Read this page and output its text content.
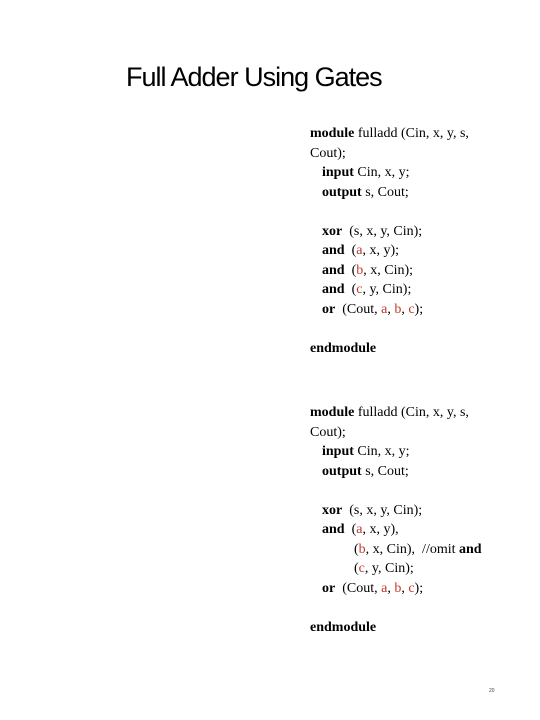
Full Adder Using Gates
module fulladd (Cin, x, y, s,
Cout);
input Cin, x, y;
output s, Cout;
xor  (s, x, y, Cin);
and  (a, x, y);
and  (b, x, Cin);
and  (c, y, Cin);
or  (Cout, a, b, c);
endmodule
module fulladd (Cin, x, y, s,
Cout);
input Cin, x, y;
output s, Cout;
xor  (s, x, y, Cin);
and  (a, x, y),
(b, x, Cin),  //omit and
(c, y, Cin);
or  (Cout, a, b, c);
endmodule
20
